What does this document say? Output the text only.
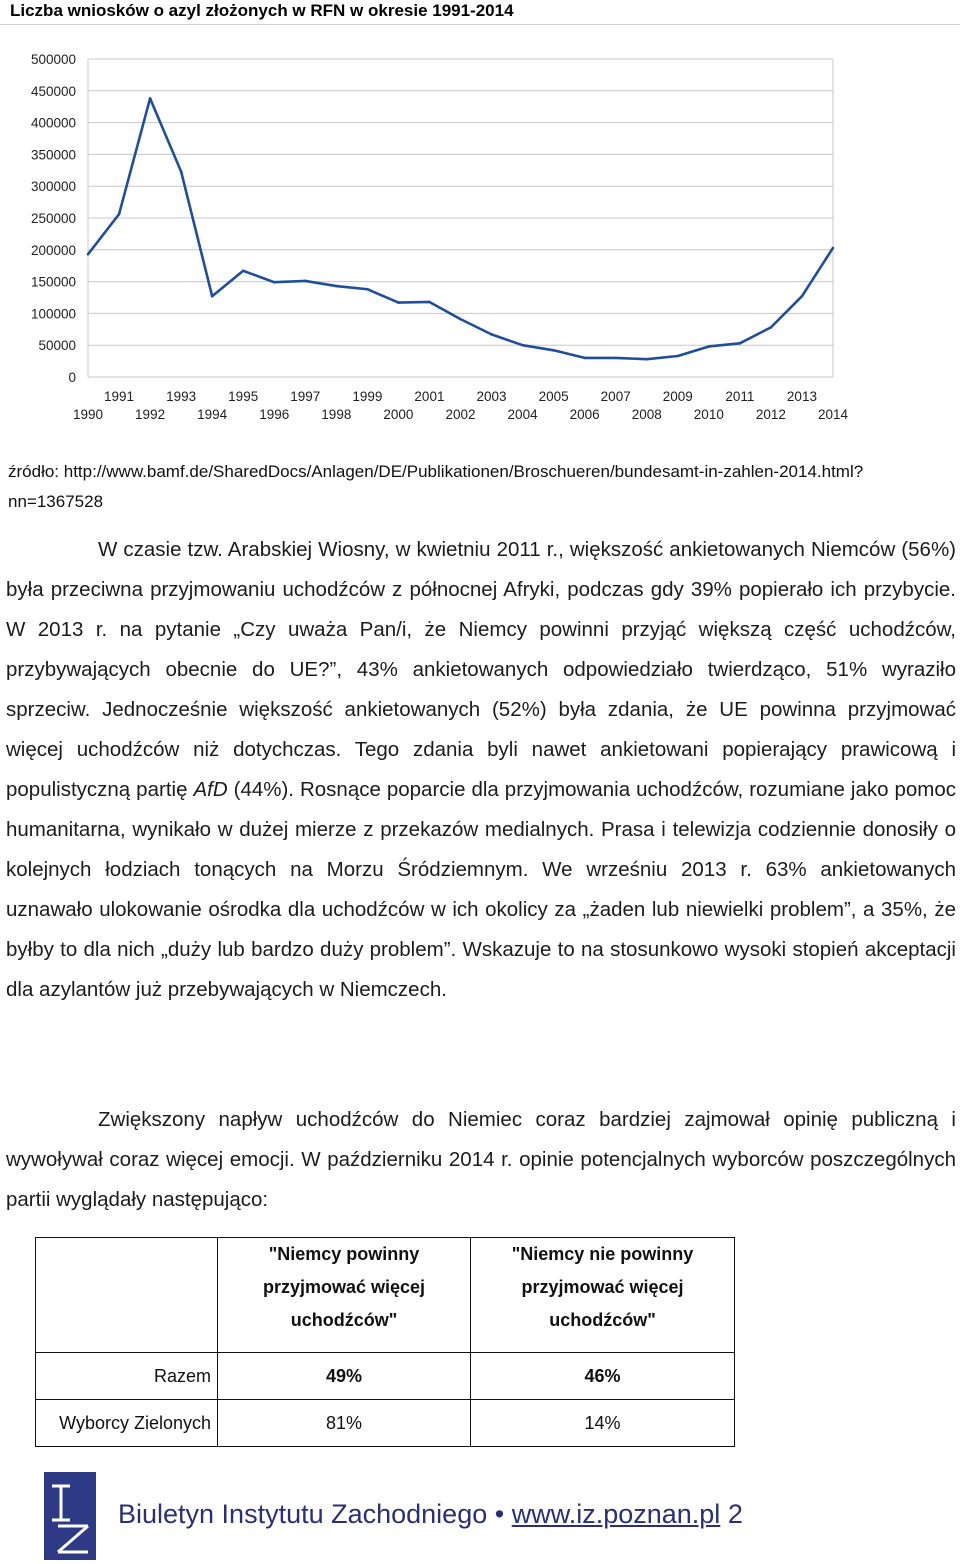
Liczba wniosków o azyl złożonych w RFN w okresie 1991-2014
0
50000
100000
150000
200000
250000
300000
350000
400000
450000
500000
1991 1993 1995 1997 1999 2001 2003 2005 2007 2009 2011 2013
1990 1992 1994 1996 1998 2000 2002 2004 2006 2008 2010 2012 2014
źródło: http://www.bamf.de/SharedDocs/Anlagen/DE/Publikationen/Broschueren/bundesamt-in-zahlen-2014.html?nn=1367528
W czasie tzw. Arabskiej Wiosny, w kwietniu 2011 r., większość ankietowanych Niemców (56%) była przeciwna przyjmowaniu uchodźców z północnej Afryki, podczas gdy 39% popierało ich przybycie. W 2013 r. na pytanie „Czy uważa Pan/i, że Niemcy powinni przyjąć większą część uchodźców, przybywających obecnie do UE?”, 43% ankietowanych odpowiedziało twierdząco, 51% wyraziło sprzeciw. Jednocześnie większość ankietowanych (52%) była zdania, że UE powinna przyjmować więcej uchodźców niż dotychczas. Tego zdania byli nawet ankietowani popierający prawicową i populistyczną partię AfD (44%). Rosnące poparcie dla przyjmowania uchodźców, rozumiane jako pomoc humanitarna, wynikało w dużej mierze z przekazów medialnych. Prasa i telewizja codziennie donosiły o kolejnych łodziach tonących na Morzu Śródziemnym. We wrześniu 2013 r. 63% ankietowanych uznawało ulokowanie ośrodka dla uchodźców w ich okolicy za „żaden lub niewielki problem”, a 35%, że byłby to dla nich „duży lub bardzo duży problem”. Wskazuje to na stosunkowo wysoki stopień akceptacji dla azylantów już przebywających w Niemczech.
Zwiększony napływ uchodźców do Niemiec coraz bardziej zajmował opinię publiczną i wywoływał coraz więcej emocji. W październiku 2014 r. opinie potencjalnych wyborców poszczególnych partii wyglądały następująco:
	"Niemcy powinny przyjmować więcej uchodźców"	"Niemcy nie powinny przyjmować więcej uchodźców"
Razem	49%	46%
Wyborcy Zielonych	81%	14%
Biuletyn Instytutu Zachodniego • www.iz.poznan.pl 2
